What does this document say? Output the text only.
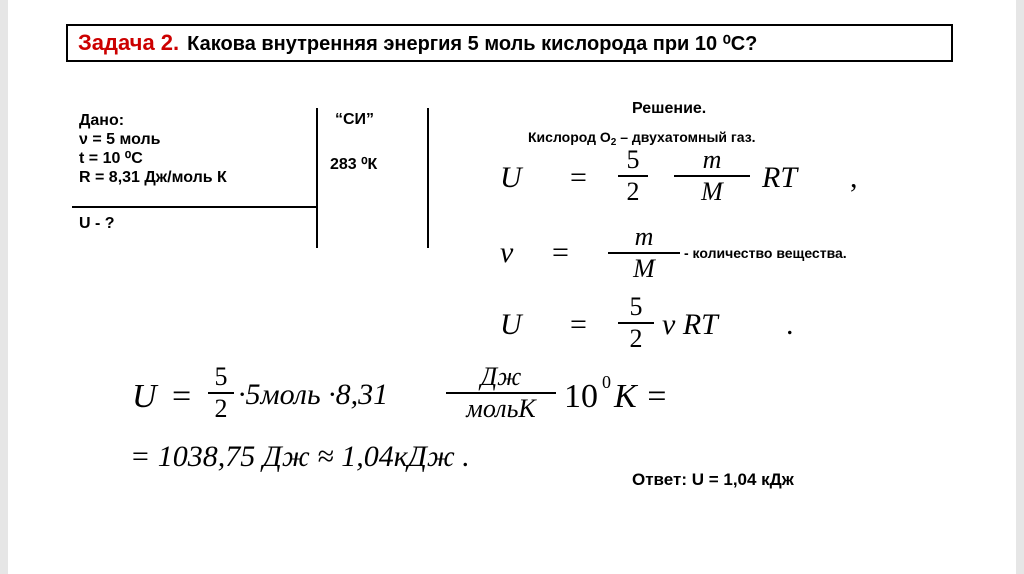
Задача 2. Какова внутренняя энергия 5 моль кислорода при 10 ⁰С?
Дано:
ν = 5 моль
t = 10 ⁰С
R = 8,31 Дж/моль К
U - ?
“СИ”
283 ⁰К
Решение.
Кислород $О_2$ – двухатомный газ.
U =
5
2
m
M	RT ,
ν =	m
M
- количество вещества.
U =
5
2 ν RT .
U =
5
2 ·5моль ·8,31
Дж
мольК 10 0 К =
= 1038,75 Дж ≈ 1,04кДж .
Ответ: U = 1,04 кДж
